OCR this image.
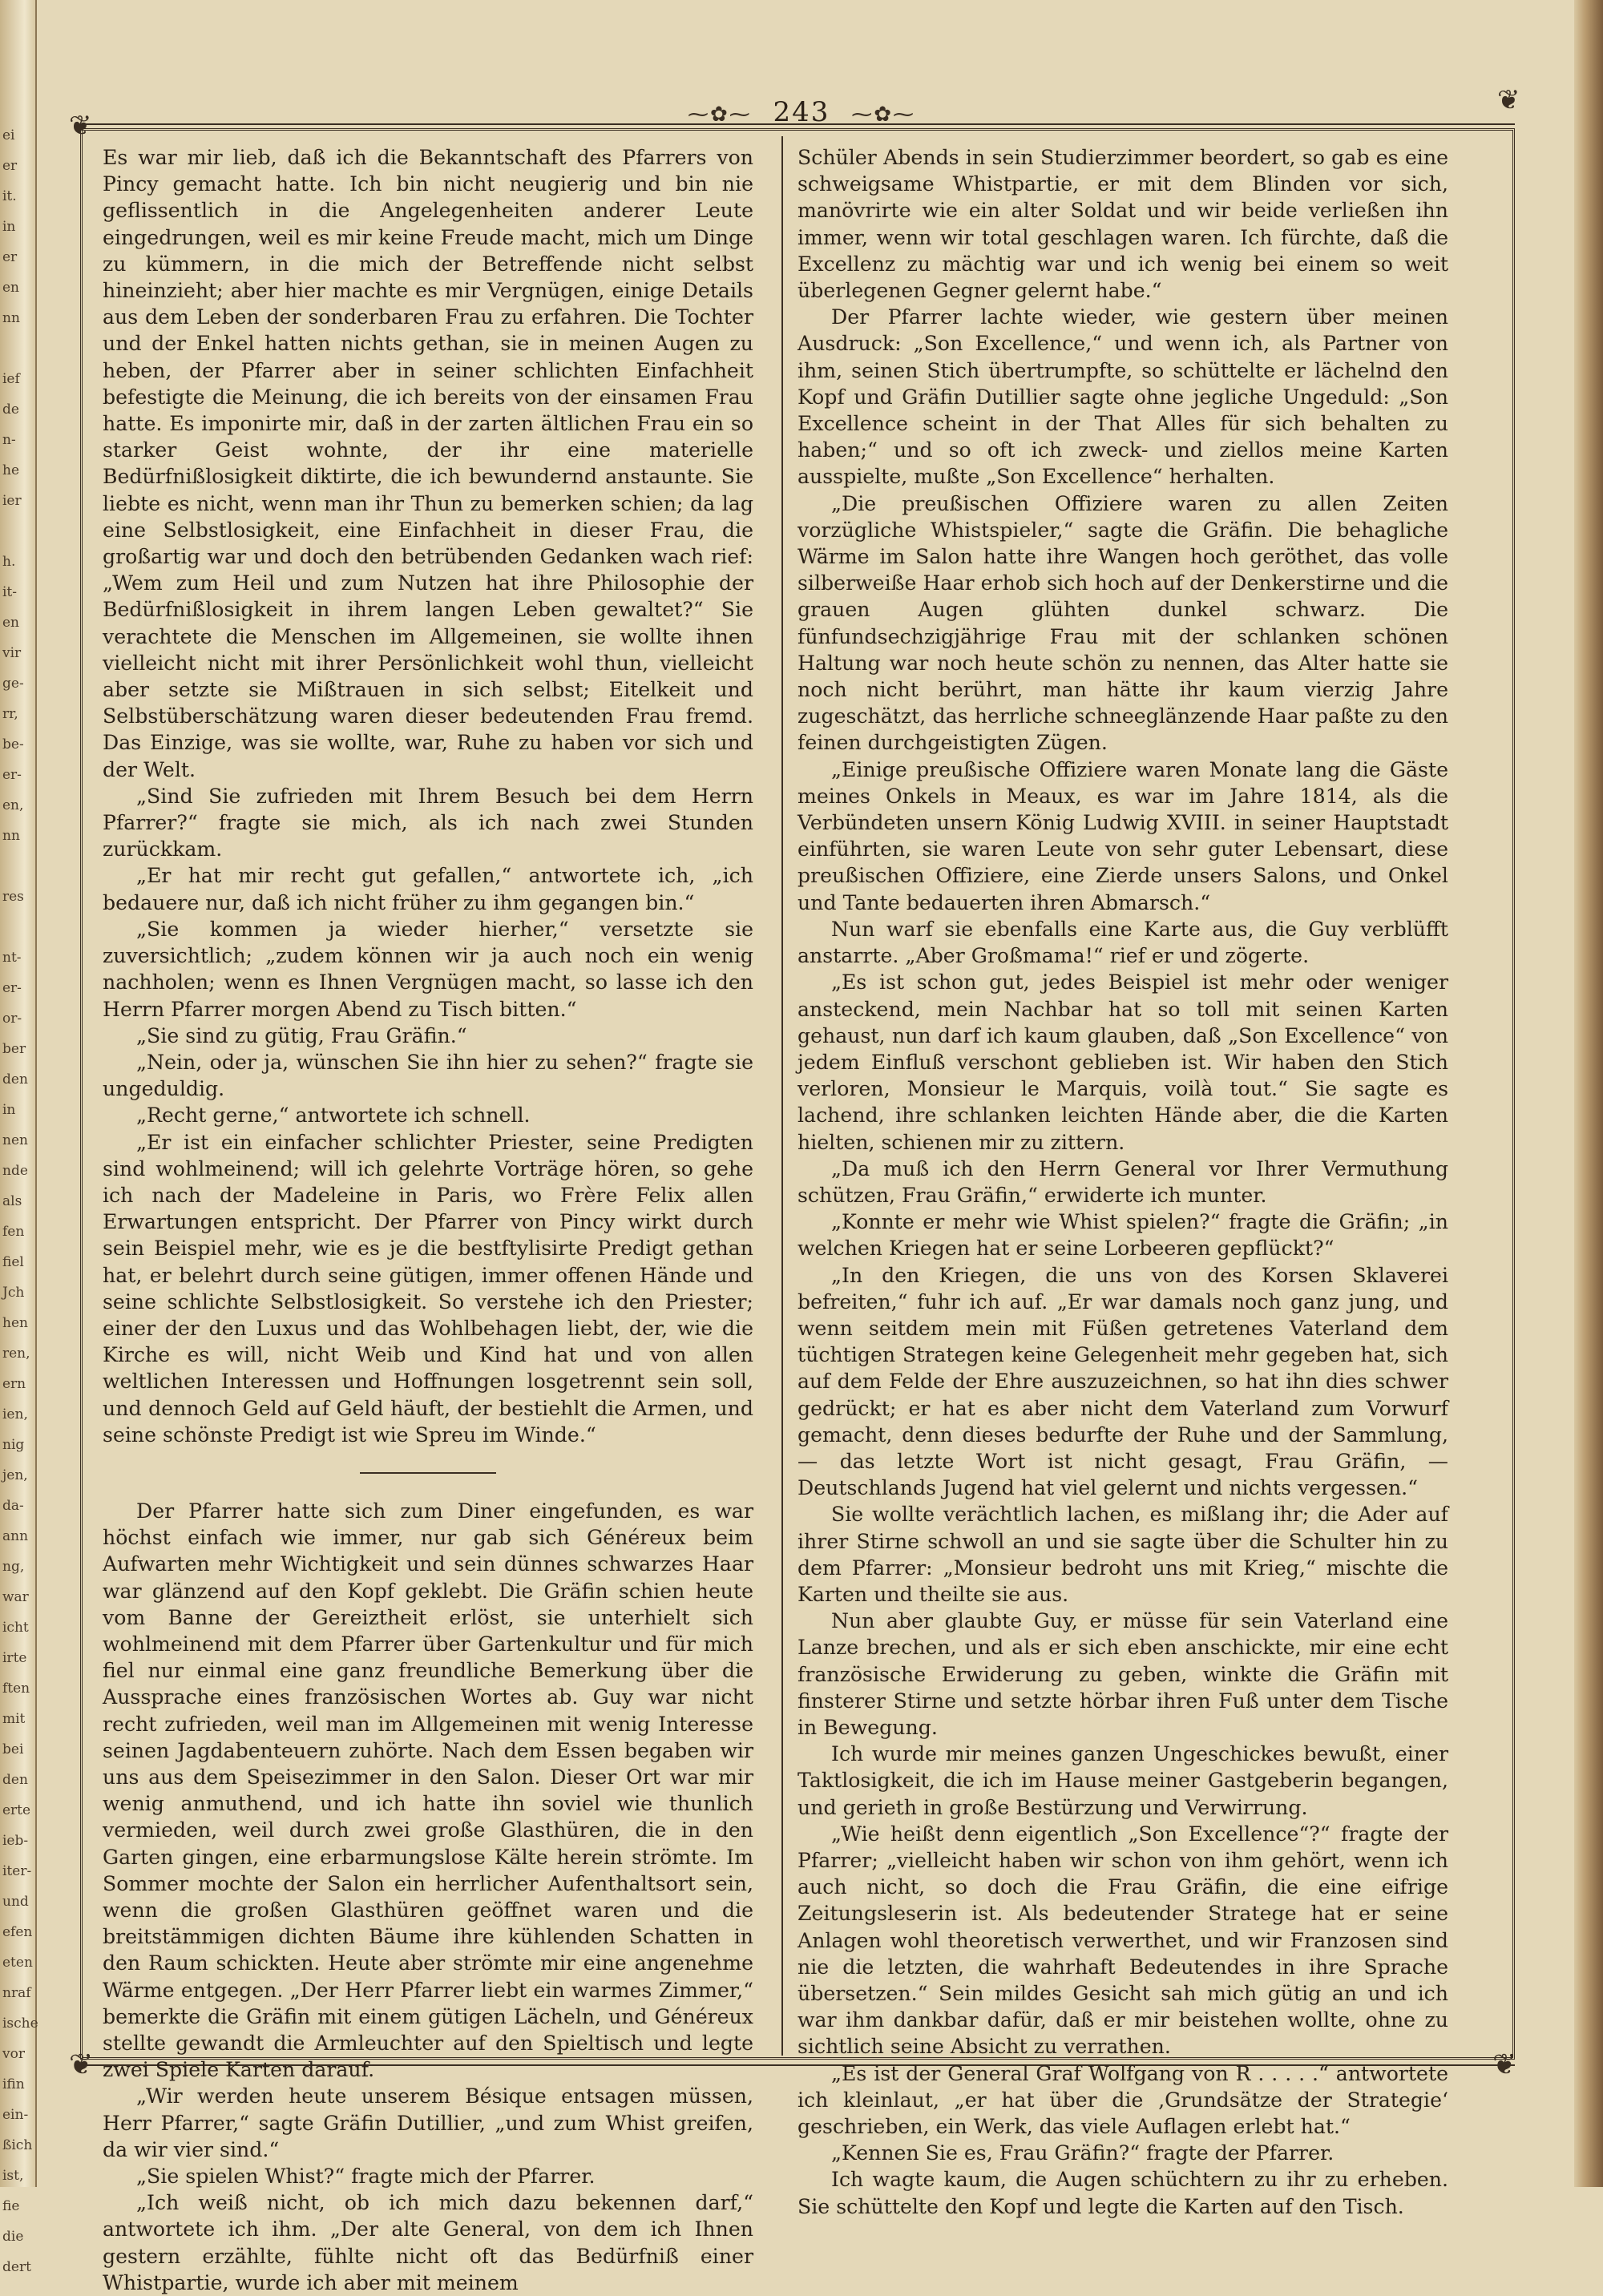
ei
er
it.
in
er
en
nn

ief
de
n-
he
ier

h.
it-
en
vir
ge-
rr,
be-
er-
en,
nn

res

nt-
er-
or-
ber
den
in
nen
nde
als
fen
fiel
Jch
hen
ren,
ern
ien,
nig
jen,
da-
ann
ng,
war
icht
irte
ften
mit
bei
den
erte
ieb-
iter-
und
efen
eten
nraf
ische
vor
ifin
ein-
ßich
ist,
fie
die
dert
⁓✿⁓ 243 ⁓✿⁓
❦
❦
❦	❦

Es war mir lieb, daß ich die Bekanntschaft des Pfarrers von Pincy gemacht hatte. Ich bin nicht neugierig und bin nie geflissentlich in die Angelegenheiten anderer Leute eingedrungen, weil es mir keine Freude macht, mich um Dinge zu kümmern, in die mich der Betreffende nicht selbst hineinzieht; aber hier machte es mir Vergnügen, einige Details aus dem Leben der sonderbaren Frau zu erfahren. Die Tochter und der Enkel hatten nichts gethan, sie in meinen Augen zu heben, der Pfarrer aber in seiner schlichten Einfachheit befestigte die Meinung, die ich bereits von der einsamen Frau hatte. Es imponirte mir, daß in der zarten ältlichen Frau ein so starker Geist wohnte, der ihr eine materielle Bedürfnißlosigkeit diktirte, die ich bewundernd anstaunte. Sie liebte es nicht, wenn man ihr Thun zu bemerken schien; da lag eine Selbstlosigkeit, eine Einfachheit in dieser Frau, die großartig war und doch den betrübenden Gedanken wach rief: „Wem zum Heil und zum Nutzen hat ihre Philosophie der Bedürfnißlosigkeit in ihrem langen Leben gewaltet?“ Sie verachtete die Menschen im Allgemeinen, sie wollte ihnen vielleicht nicht mit ihrer Persönlichkeit wohl thun, vielleicht aber setzte sie Mißtrauen in sich selbst; Eitelkeit und Selbstüberschätzung waren dieser bedeutenden Frau fremd. Das Einzige, was sie wollte, war, Ruhe zu haben vor sich und der Welt.

„Sind Sie zufrieden mit Ihrem Besuch bei dem Herrn Pfarrer?“ fragte sie mich, als ich nach zwei Stunden zurückkam.

„Er hat mir recht gut gefallen,“ antwortete ich, „ich bedauere nur, daß ich nicht früher zu ihm gegangen bin.“

„Sie kommen ja wieder hierher,“ versetzte sie zuversichtlich; „zudem können wir ja auch noch ein wenig nachholen; wenn es Ihnen Vergnügen macht, so lasse ich den Herrn Pfarrer morgen Abend zu Tisch bitten.“

„Sie sind zu gütig, Frau Gräfin.“

„Nein, oder ja, wünschen Sie ihn hier zu sehen?“ fragte sie ungeduldig.

„Recht gerne,“ antwortete ich schnell.

„Er ist ein einfacher schlichter Priester, seine Predigten sind wohlmeinend; will ich gelehrte Vorträge hören, so gehe ich nach der Madeleine in Paris, wo Frère Felix allen Erwartungen entspricht. Der Pfarrer von Pincy wirkt durch sein Beispiel mehr, wie es je die bestftylisirte Predigt gethan hat, er belehrt durch seine gütigen, immer offenen Hände und seine schlichte Selbstlosigkeit. So verstehe ich den Priester; einer der den Luxus und das Wohlbehagen liebt, der, wie die Kirche es will, nicht Weib und Kind hat und von allen weltlichen Interessen und Hoffnungen losgetrennt sein soll, und dennoch Geld auf Geld häuft, der bestiehlt die Armen, und seine schönste Predigt ist wie Spreu im Winde.“

Der Pfarrer hatte sich zum Diner eingefunden, es war höchst einfach wie immer, nur gab sich Généreux beim Aufwarten mehr Wichtigkeit und sein dünnes schwarzes Haar war glänzend auf den Kopf geklebt. Die Gräfin schien heute vom Banne der Gereiztheit erlöst, sie unterhielt sich wohlmeinend mit dem Pfarrer über Gartenkultur und für mich fiel nur einmal eine ganz freundliche Bemerkung über die Aussprache eines französischen Wortes ab. Guy war nicht recht zufrieden, weil man im Allgemeinen mit wenig Interesse seinen Jagdabenteuern zuhörte. Nach dem Essen begaben wir uns aus dem Speisezimmer in den Salon. Dieser Ort war mir wenig anmuthend, und ich hatte ihn soviel wie thunlich vermieden, weil durch zwei große Glasthüren, die in den Garten gingen, eine erbarmungslose Kälte herein strömte. Im Sommer mochte der Salon ein herrlicher Aufenthaltsort sein, wenn die großen Glasthüren geöffnet waren und die breitstämmigen dichten Bäume ihre kühlenden Schatten in den Raum schickten. Heute aber strömte mir eine angenehme Wärme entgegen. „Der Herr Pfarrer liebt ein warmes Zimmer,“ bemerkte die Gräfin mit einem gütigen Lächeln, und Généreux stellte gewandt die Armleuchter auf den Spieltisch und legte zwei Spiele Karten darauf.

„Wir werden heute unserem Bésique entsagen müssen, Herr Pfarrer,“ sagte Gräfin Dutillier, „und zum Whist greifen, da wir vier sind.“

„Sie spielen Whist?“ fragte mich der Pfarrer.

„Ich weiß nicht, ob ich mich dazu bekennen darf,“ antwortete ich ihm. „Der alte General, von dem ich Ihnen gestern erzählte, fühlte nicht oft das Bedürfniß einer Whistpartie, wurde ich aber mit meinem

Schüler Abends in sein Studierzimmer beordert, so gab es eine schweigsame Whistpartie, er mit dem Blinden vor sich, manövrirte wie ein alter Soldat und wir beide verließen ihn immer, wenn wir total geschlagen waren. Ich fürchte, daß die Excellenz zu mächtig war und ich wenig bei einem so weit überlegenen Gegner gelernt habe.“

Der Pfarrer lachte wieder, wie gestern über meinen Ausdruck: „Son Excellence,“ und wenn ich, als Partner von ihm, seinen Stich übertrumpfte, so schüttelte er lächelnd den Kopf und Gräfin Dutillier sagte ohne jegliche Ungeduld: „Son Excellence scheint in der That Alles für sich behalten zu haben;“ und so oft ich zweck- und ziellos meine Karten ausspielte, mußte „Son Excellence“ herhalten.

„Die preußischen Offiziere waren zu allen Zeiten vorzügliche Whistspieler,“ sagte die Gräfin. Die behagliche Wärme im Salon hatte ihre Wangen hoch geröthet, das volle silberweiße Haar erhob sich hoch auf der Denkerstirne und die grauen Augen glühten dunkel schwarz. Die fünfundsechzigjährige Frau mit der schlanken schönen Haltung war noch heute schön zu nennen, das Alter hatte sie noch nicht berührt, man hätte ihr kaum vierzig Jahre zugeschätzt, das herrliche schneeglänzende Haar paßte zu den feinen durchgeistigten Zügen.

„Einige preußische Offiziere waren Monate lang die Gäste meines Onkels in Meaux, es war im Jahre 1814, als die Verbündeten unsern König Ludwig XVIII. in seiner Hauptstadt einführten, sie waren Leute von sehr guter Lebensart, diese preußischen Offiziere, eine Zierde unsers Salons, und Onkel und Tante bedauerten ihren Abmarsch.“

Nun warf sie ebenfalls eine Karte aus, die Guy verblüfft anstarrte. „Aber Großmama!“ rief er und zögerte.

„Es ist schon gut, jedes Beispiel ist mehr oder weniger ansteckend, mein Nachbar hat so toll mit seinen Karten gehaust, nun darf ich kaum glauben, daß „Son Excellence“ von jedem Einfluß verschont geblieben ist. Wir haben den Stich verloren, Monsieur le Marquis, voilà tout.“ Sie sagte es lachend, ihre schlanken leichten Hände aber, die die Karten hielten, schienen mir zu zittern.

„Da muß ich den Herrn General vor Ihrer Vermuthung schützen, Frau Gräfin,“ erwiderte ich munter.

„Konnte er mehr wie Whist spielen?“ fragte die Gräfin; „in welchen Kriegen hat er seine Lorbeeren gepflückt?“

„In den Kriegen, die uns von des Korsen Sklaverei befreiten,“ fuhr ich auf. „Er war damals noch ganz jung, und wenn seitdem mein mit Füßen getretenes Vaterland dem tüchtigen Strategen keine Gelegenheit mehr gegeben hat, sich auf dem Felde der Ehre auszuzeichnen, so hat ihn dies schwer gedrückt; er hat es aber nicht dem Vaterland zum Vorwurf gemacht, denn dieses bedurfte der Ruhe und der Sammlung, — das letzte Wort ist nicht gesagt, Frau Gräfin, — Deutschlands Jugend hat viel gelernt und nichts vergessen.“

Sie wollte verächtlich lachen, es mißlang ihr; die Ader auf ihrer Stirne schwoll an und sie sagte über die Schulter hin zu dem Pfarrer: „Monsieur bedroht uns mit Krieg,“ mischte die Karten und theilte sie aus.

Nun aber glaubte Guy, er müsse für sein Vaterland eine Lanze brechen, und als er sich eben anschickte, mir eine echt französische Erwiderung zu geben, winkte die Gräfin mit finsterer Stirne und setzte hörbar ihren Fuß unter dem Tische in Bewegung.

Ich wurde mir meines ganzen Ungeschickes bewußt, einer Taktlosigkeit, die ich im Hause meiner Gastgeberin begangen, und gerieth in große Bestürzung und Verwirrung.

„Wie heißt denn eigentlich „Son Excellence“?“ fragte der Pfarrer; „vielleicht haben wir schon von ihm gehört, wenn ich auch nicht, so doch die Frau Gräfin, die eine eifrige Zeitungsleserin ist. Als bedeutender Stratege hat er seine Anlagen wohl theoretisch verwerthet, und wir Franzosen sind nie die letzten, die wahrhaft Bedeutendes in ihre Sprache übersetzen.“ Sein mildes Gesicht sah mich gütig an und ich war ihm dankbar dafür, daß er mir beistehen wollte, ohne zu sichtlich seine Absicht zu verrathen.

„Es ist der General Graf Wolfgang von R . . . . .“ antwortete ich kleinlaut, „er hat über die ‚Grundsätze der Strategie‘ geschrieben, ein Werk, das viele Auflagen erlebt hat.“

„Kennen Sie es, Frau Gräfin?“ fragte der Pfarrer.

Ich wagte kaum, die Augen schüchtern zu ihr zu erheben. Sie schüttelte den Kopf und legte die Karten auf den Tisch.
